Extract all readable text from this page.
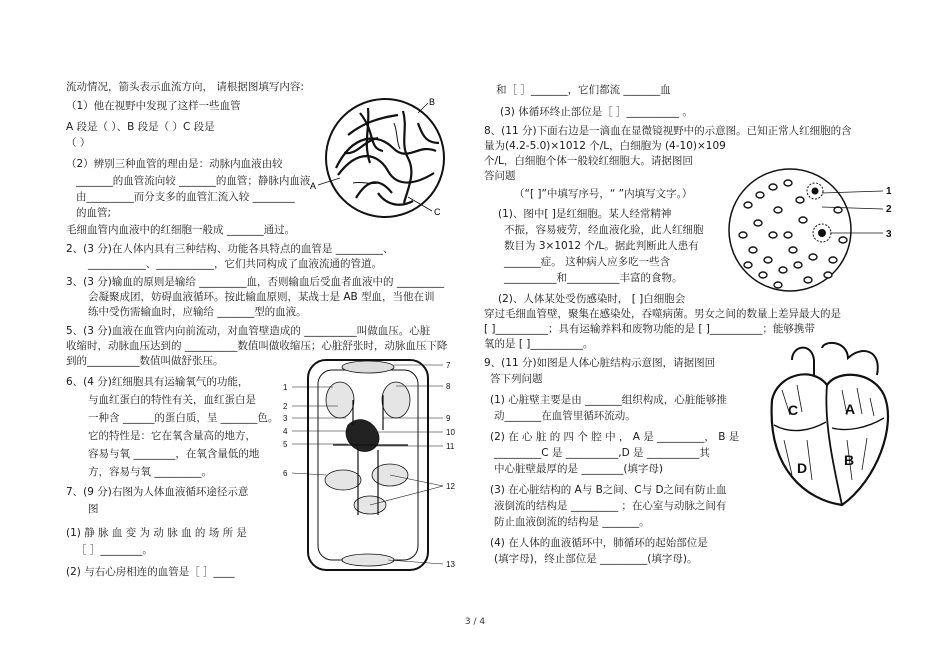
流动情况，箭头表示血流方向， 请根据图填写内容:
（1）他在视野中发现了这样一些血管
A 段是（ ）、B 段是（ ）C 段是
（ ）
（2）辨别三种血管的理由是：动脉内血液由较
_______的血管流向较 _______的血管；静脉内血液
由_________而分支多的血管汇流入较 ________
的血管;
毛细血管内血液中的红细胞一般成 _______通过。
2、(3 分)在人体内具有三种结构、功能各具特点的血管是 _________、
___________、___________，它们共同构成了血液流通的管道。
3、(3 分)输血的原则是输给 _________血，否则输血后受血者血液中的 _________
会凝聚成团，妨碍血液循环。按此输血原则，某战士是 AB 型血，当他在训
练中受伤需输血时，应输给 _______型的血液。
5、(3 分)血液在血管内向前流动，对血管壁造成的 __________叫做血压。心脏
收缩时，动脉血压达到的 __________数值叫做收缩压；心脏舒张时，动脉血压下降
到的__________数值叫做舒张压。
6、(4 分)红细胞具有运输氧气的功能，
与血红蛋白的特性有关，血红蛋白是
一种含 ______的蛋白质，呈 _______色。
它的特性是：它在氧含量高的地方，
容易与氧 ________，在氧含量低的地
方，容易与氧 _________。
7、(9 分)右图为人体血液循环途径示意
图
(1) 静 脉 血 变 为 动 脉 血 的 场 所 是
［ ］________。
(2) 与右心房相连的血管是［ ］____
和［ ］_______，它们都流 _______血
(3) 体循环终止部位是［ ］__________ 。
8、(11 分)下面右边是一滴血在显微镜视野中的示意图。已知正常人红细胞的含
量为(4.2-5.0)×1012 个/L，白细胞为 (4-10)×109
个/L，白细胞个体一般较红细胞大。请据图回
答问题
（“[ ]”中填写序号，“ ”内填写文字。）
(1)、图中[ ]是红细胞。某人经常精神
不振，容易疲劳，经血液化验，此人红细胞
数目为 3×1012 个/L。据此判断此人患有
_______症。 这种病人应多吃一些含
__________和__________丰富的食物。
(2)、人体某处受伤感染时， [ ]白细胞会
穿过毛细血管壁，聚集在感染处，吞噬病菌。男女之间的数量上差异最大的是
[ ]__________；具有运输养料和废物功能的是 [ ]__________；能够携带
氧的是 [ ]__________。
9、(11 分)如图是人体心脏结构示意图，请据图回
答下列问题
(1) 心脏壁主要是由 _______组织构成，心脏能够推
动_______在血管里循环流动。
(2) 在 心 脏 的 四 个 腔 中 ， A 是 _________， B 是
_________C 是 __________,D 是 __________其
中心脏壁最厚的是 ________(填字母)
(3) 在心脏结构的 A与 B之间、C与 D之间有防止血
液倒流的结构是 _________ ；在心室与动脉之间有
防止血液倒流的结构是 _______。
(4) 在人体的血液循环中，肺循环的起始部位是
(填字母)，终止部位是 _________(填字母)。
B
A
C
1
2
3
4
5
6
7
8
9
10
11
12
13
1
2
3
C	A
D	B
3 / 4
